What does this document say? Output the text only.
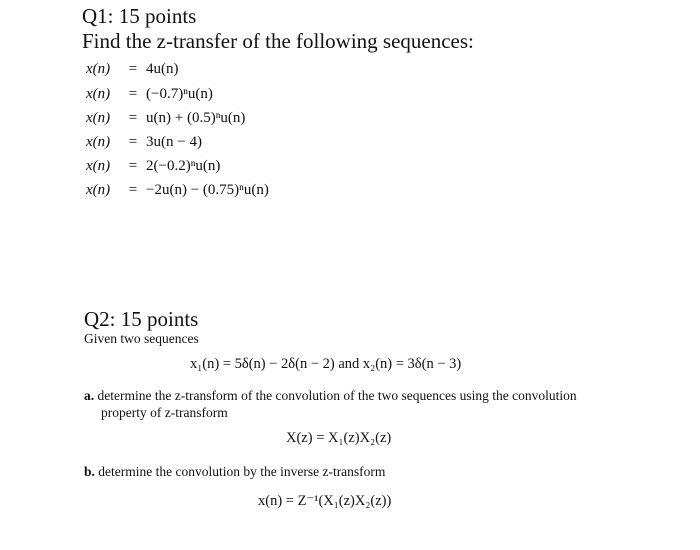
Q1: 15 points
Find the z-transfer of the following sequences:
x(n) = 4u(n)
x(n) = (−0.7)ⁿu(n)
x(n) = u(n) + (0.5)ⁿu(n)
x(n) = 3u(n − 4)
x(n) = 2(−0.2)ⁿu(n)
x(n) = −2u(n) − (0.75)ⁿu(n)
Q2: 15 points
Given two sequences
x₁(n) = 5δ(n) − 2δ(n − 2) and x₂(n) = 3δ(n − 3)
a. determine the z-transform of the convolution of the two sequences using the convolution
property of z-transform
X(z) = X₁(z)X₂(z)
b. determine the convolution by the inverse z-transform
x(n) = Z⁻¹(X₁(z)X₂(z))
